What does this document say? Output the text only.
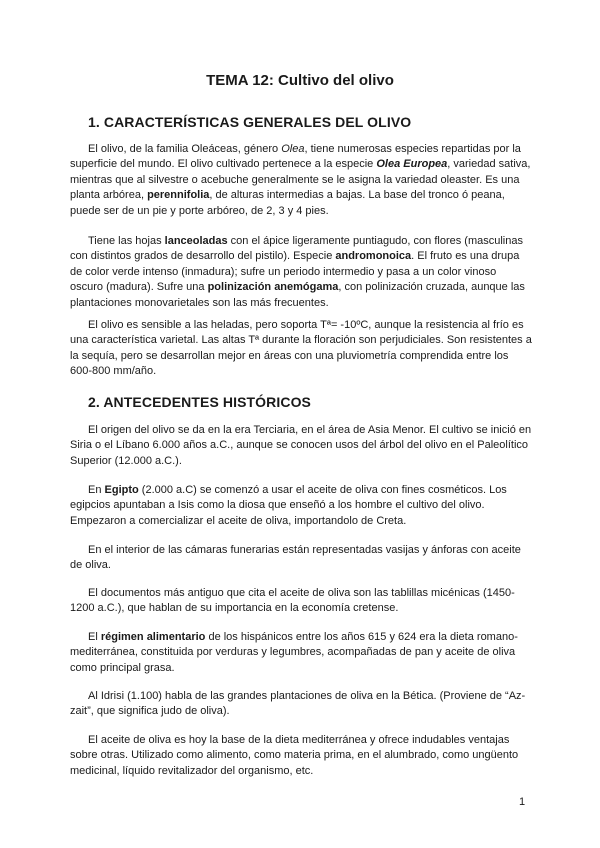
TEMA 12: Cultivo del olivo
1. CARACTERÍSTICAS GENERALES DEL OLIVO

El olivo, de la familia Oleáceas, género Olea, tiene numerosas especies repartidas por la superficie del mundo. El olivo cultivado pertenece a la especie Olea Europea, variedad sativa, mientras que al silvestre o acebuche generalmente se le asigna la variedad oleaster. Es una planta arbórea, perennifolia, de alturas intermedias a bajas. La base del tronco ó peana, puede ser de un pie y porte arbóreo, de 2, 3 y 4 pies.

Tiene las hojas lanceoladas con el ápice ligeramente puntiagudo, con flores (masculinas con distintos grados de desarrollo del pistilo). Especie andromonoica. El fruto es una drupa de color verde intenso (inmadura); sufre un periodo intermedio y pasa a un color vinoso oscuro (madura). Sufre una polinización anemógama, con polinización cruzada, aunque las plantaciones monovarietales son las más frecuentes.

El olivo es sensible a las heladas, pero soporta Tª= -10ºC, aunque la resistencia al frío es una característica varietal. Las altas Tª durante la floración son perjudiciales. Son resistentes a la sequía, pero se desarrollan mejor en áreas con una pluviometría comprendida entre los 600-800 mm/año.

2. ANTECEDENTES HISTÓRICOS

El origen del olivo se da en la era Terciaria, en el área de Asia Menor. El cultivo se inició en Siria o el Líbano 6.000 años a.C., aunque se conocen usos del árbol del olivo en el Paleolítico Superior (12.000 a.C.).

En Egipto (2.000 a.C) se comenzó a usar el aceite de oliva con fines cosméticos. Los egipcios apuntaban a Isis como la diosa que enseñó a los hombre el cultivo del olivo. Empezaron a comercializar el aceite de oliva, importandolo de Creta.

En el interior de las cámaras funerarias están representadas vasijas y ánforas con aceite de oliva.

El documentos más antiguo que cita el aceite de oliva son las tablillas micénicas (1450-1200 a.C.), que hablan de su importancia en la economía cretense.

El régimen alimentario de los hispánicos entre los años 615 y 624 era la dieta romano-mediterránea, constituida por verduras y legumbres, acompañadas de pan y aceite de oliva como principal grasa.

Al Idrisi (1.100) habla de las grandes plantaciones de oliva en la Bética. (Proviene de “Az-zait”, que significa judo de oliva).

El aceite de oliva es hoy la base de la dieta mediterránea y ofrece indudables ventajas sobre otras. Utilizado como alimento, como materia prima, en el alumbrado, como ungüento medicinal, líquido revitalizador del organismo, etc.

1
